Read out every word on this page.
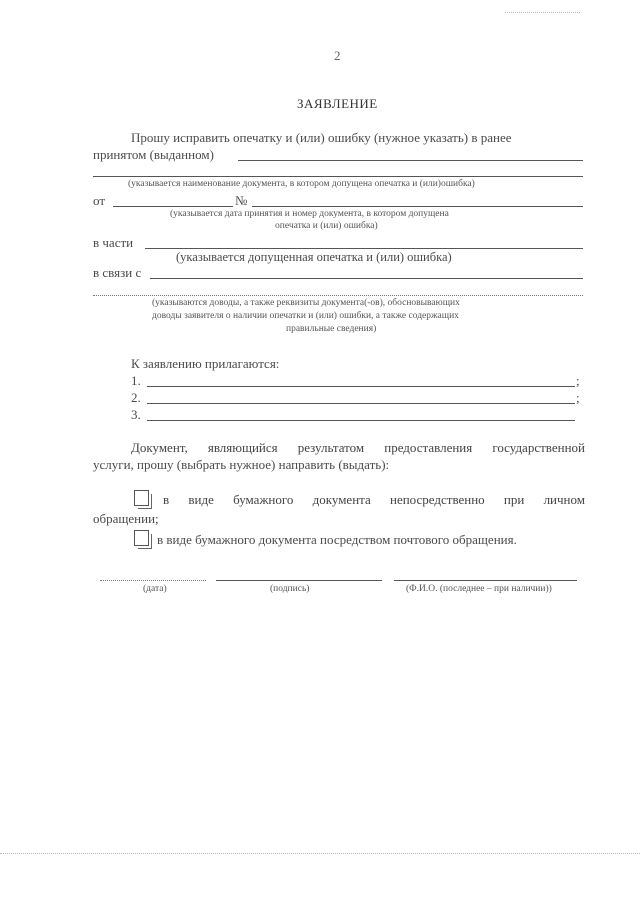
2
ЗАЯВЛЕНИЕ
Прошу исправить опечатку и (или) ошибку (нужное указать) в ранее
принятом (выданном)
(указывается наименование документа, в котором допущена опечатка и (или)ошибка)
от	№
(указывается дата принятия и номер документа, в котором допущена
опечатка и (или) ошибка)
в части
(указывается допущенная опечатка и (или) ошибка)
в связи с
(указываются доводы, а также реквизиты документа(-ов), обосновывающих
доводы заявителя о наличии опечатки и (или) ошибки, а также содержащих
правильные сведения)
К заявлению прилагаются:
1.	;
2.	;
3.
Документ, являющийся результатом предоставления государственной
услуги, прошу (выбрать нужное) направить (выдать):
в виде бумажного документа непосредственно при личном
обращении;
в виде бумажного документа посредством почтового обращения.
(дата)	(подпись)	(Ф.И.О. (последнее – при наличии))
